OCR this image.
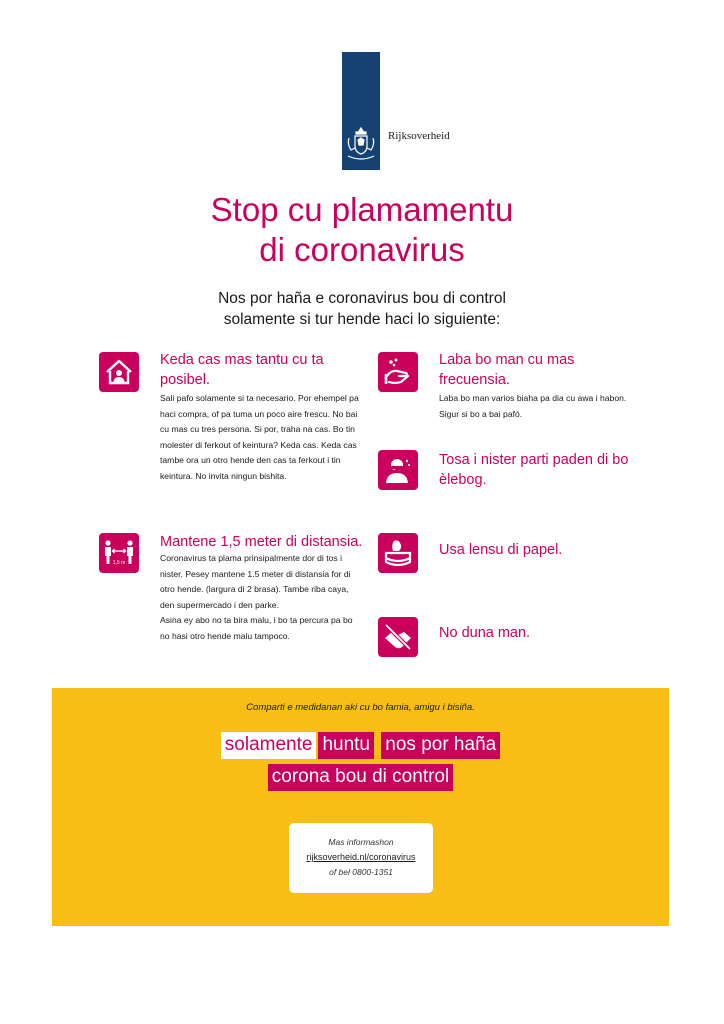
Rijksoverheid
Stop cu plamamentu
di coronavirus
Nos por haña e coronavirus bou di control
solamente si tur hende haci lo siguiente:
Keda cas mas tantu cu ta
posibel.

Sali pafo solamente si ta necesario. Por ehempel pa

haci compra, of pa tuma un poco aire frescu. No bai

cu mas cu tres persona. Si por, traha na cas. Bo tin

molester di ferkout of keintura? Keda cas. Keda cas

tambe ora un otro hende den cas ta ferkout i tin

keintura. No invita ningun bishita.

Laba bo man cu mas
frecuensia.

Laba bo man varios biaha pa dia cu awa i habon.

Sigur si bo a bai pafó.

Tosa i nister parti paden di bo
èlebog.
1,5 m
Mantene 1,5 meter di distansia.

Coronavirus ta plama prinsipalmente dor di tos i

nister. Pesey mantene 1.5 meter di distansia for di

otro hende. (largura di 2 brasa). Tambe riba caya,

den supermercado i den parke.

Asina ey abo no ta bira malu, i bo ta percura pa bo

no hasi otro hende malu tampoco.

Usa lensu di papel.
No duna man.
Comparti e medidanan aki cu bo famia, amigu i bisiña.
solamente huntu nos por haña
corona bou di control
Mas informashon
rijksoverheid.nl/coronavirus
of bel 0800-1351
